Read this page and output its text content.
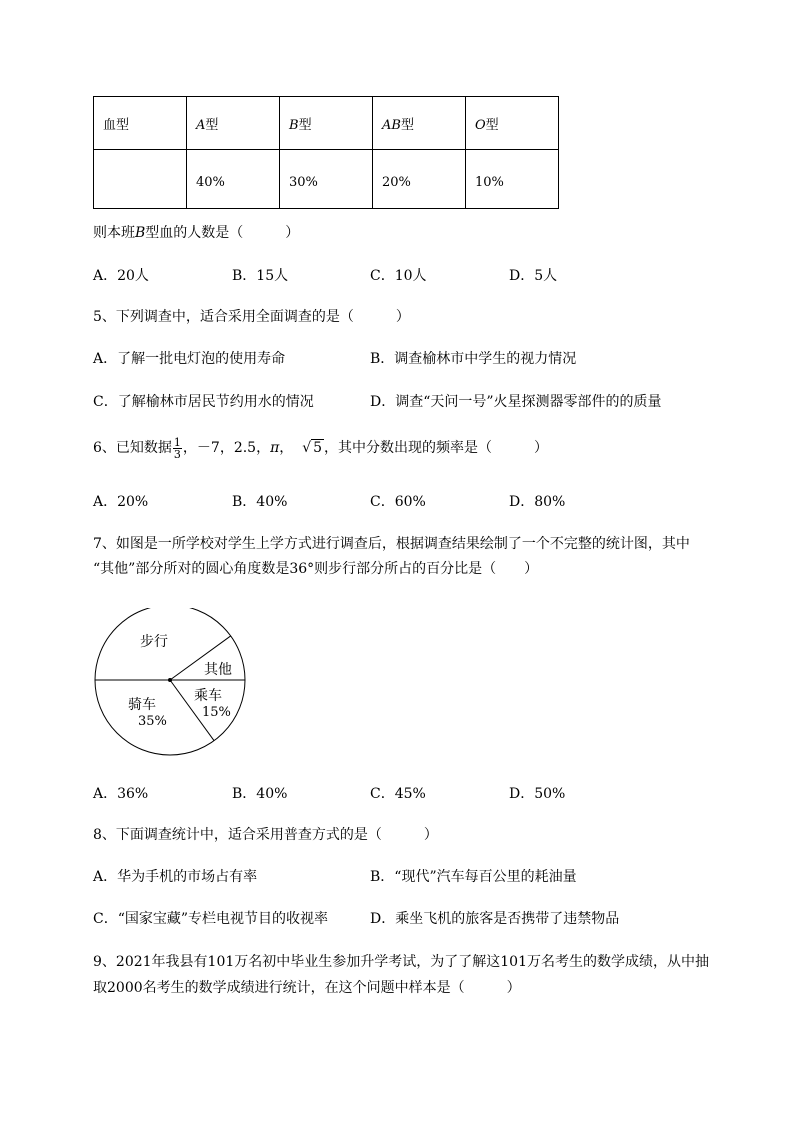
血型	A型	B型	AB型	O型
	40%	30%	20%	10%
则本班B型血的人数是（　　　）
A．20人	B．15人	C．10人	D．5人
5、下列调查中，适合采用全面调查的是（　　　）
A．了解一批电灯泡的使用寿命	B．调查榆林市中学生的视力情况
C．了解榆林市居民节约用水的情况	D．调查“天问一号”火星探测器零部件的的质量
6、已知数据 $\frac{1}{3}$ ，－7，2.5，π， √ 5 ，其中分数出现的频率是（　　　）
A．20%	B．40%	C．60%	D．80%
7、如图是一所学校对学生上学方式进行调查后，根据调查结果绘制了一个不完整的统计图，其中
“其他”部分所对的圆心角度数是36°则步行部分所占的百分比是（　　）
步行
其他
乘车
15%
骑车
35%
A．36%	B．40%	C．45%	D．50%
8、下面调查统计中，适合采用普查方式的是（　　　）
A．华为手机的市场占有率	B．“现代”汽车每百公里的耗油量
C．“国家宝藏”专栏电视节目的收视率	D．乘坐飞机的旅客是否携带了违禁物品
9、2021年我县有101万名初中毕业生参加升学考试，为了了解这101万名考生的数学成绩，从中抽
取2000名考生的数学成绩进行统计，在这个问题中样本是（　　　）
